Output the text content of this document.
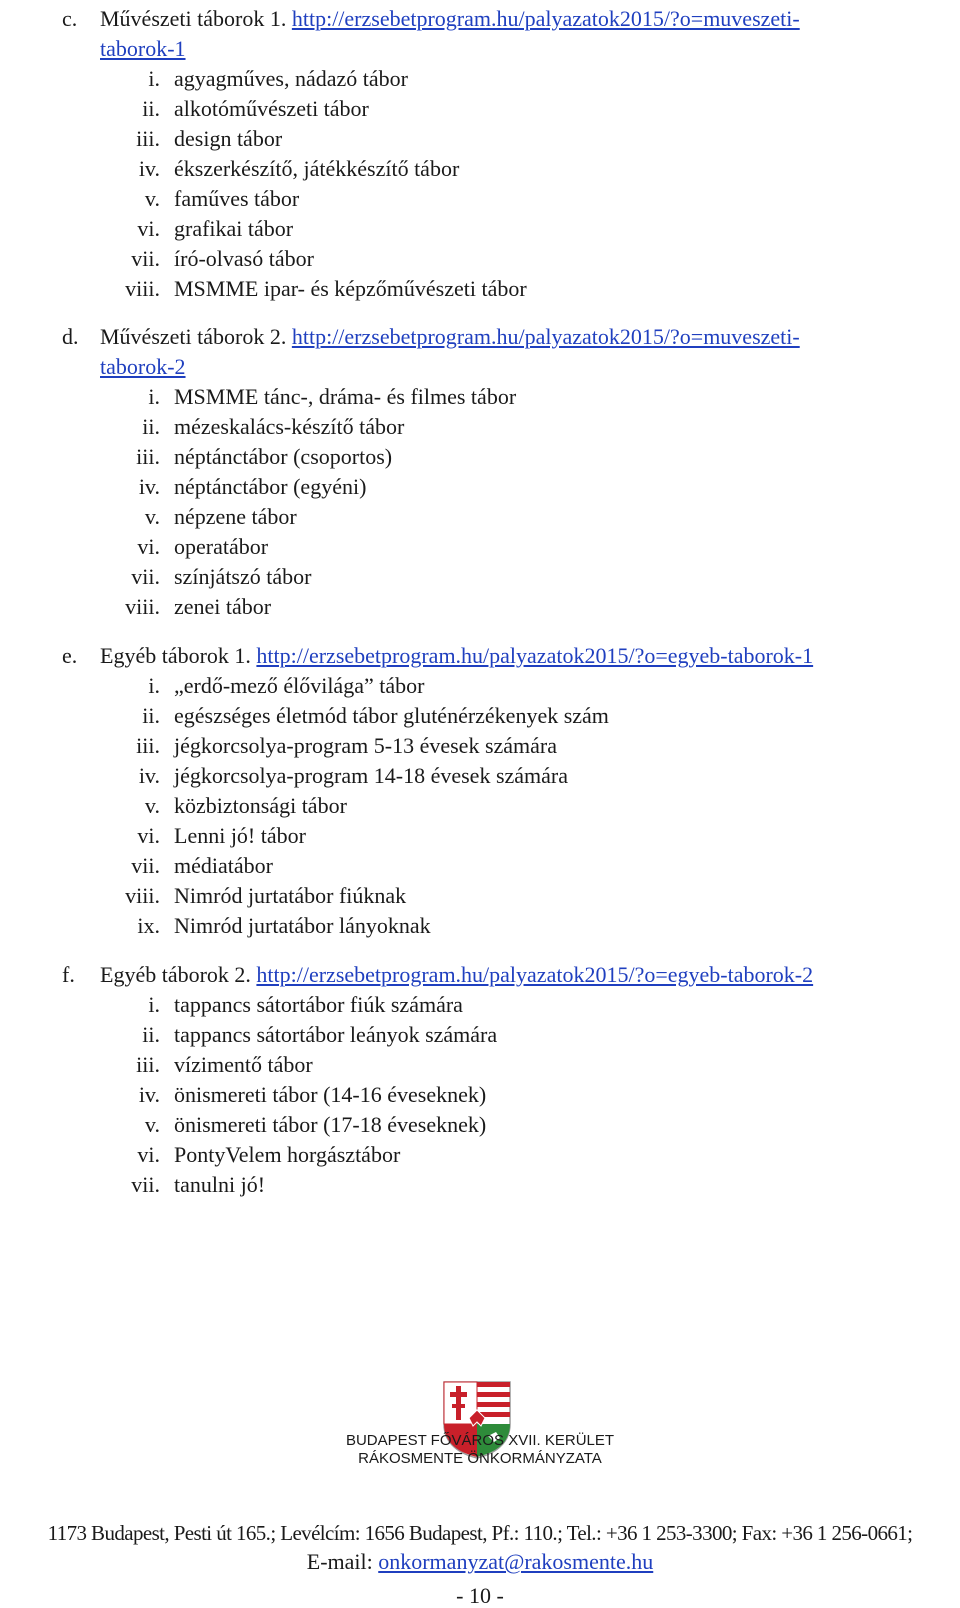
c. Művészeti táborok 1. http://erzsebetprogram.hu/palyazatok2015/?o=muveszeti-
taborok-1
i. agyagműves, nádazó tábor
ii. alkotóművészeti tábor
iii. design tábor
iv. ékszerkészítő, játékkészítő tábor
v. faműves tábor
vi. grafikai tábor
vii. író-olvasó tábor
viii. MSMME ipar- és képzőművészeti tábor
d. Művészeti táborok 2. http://erzsebetprogram.hu/palyazatok2015/?o=muveszeti-
taborok-2
i. MSMME tánc-, dráma- és filmes tábor
ii. mézeskalács-készítő tábor
iii. néptánctábor (csoportos)
iv. néptánctábor (egyéni)
v. népzene tábor
vi. operatábor
vii. színjátszó tábor
viii. zenei tábor
e. Egyéb táborok 1. http://erzsebetprogram.hu/palyazatok2015/?o=egyeb-taborok-1
i. „erdő-mező élővilága” tábor
ii. egészséges életmód tábor gluténérzékenyek szám
iii. jégkorcsolya-program 5-13 évesek számára
iv. jégkorcsolya-program 14-18 évesek számára
v. közbiztonsági tábor
vi. Lenni jó! tábor
vii. médiatábor
viii. Nimród jurtatábor fiúknak
ix. Nimród jurtatábor lányoknak
f. Egyéb táborok 2. http://erzsebetprogram.hu/palyazatok2015/?o=egyeb-taborok-2
i. tappancs sátortábor fiúk számára
ii. tappancs sátortábor leányok számára
iii. vízimentő tábor
iv. önismereti tábor (14-16 éveseknek)
v. önismereti tábor (17-18 éveseknek)
vi. PontyVelem horgásztábor
vii. tanulni jó!
BUDAPEST FŐVÁROS XVII. KERÜLET
RÁKOSMENTE ÖNKORMÁNYZATA
1173 Budapest, Pesti út 165.; Levélcím: 1656 Budapest, Pf.: 110.; Tel.: +36 1 253-3300; Fax: +36 1 256-0661;
E-mail: onkormanyzat@rakosmente.hu
- 10 -
